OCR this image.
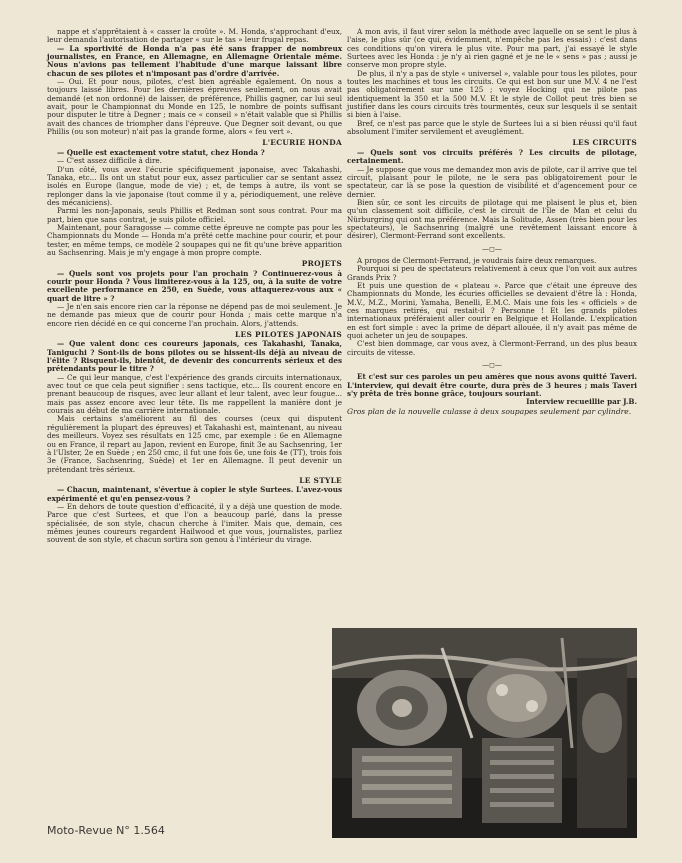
nappe et s'apprêtaient à « casser la croûte ». M. Honda, s'approchant d'eux, leur demanda l'autorisation de partager « sur le tas » leur frugal repas.

— La sportivité de Honda n'a pas été sans frapper de nombreux journalistes, en France, en Allemagne, en Allemagne Orientale même. Nous n'avions pas tellement l'habitude d'une marque laissant libre chacun de ses pilotes et n'imposant pas d'ordre d'arrivée.

— Oui. Et pour nous, pilotes, c'est bien agréable également. On nous a toujours laissé libres. Pour les dernières épreuves seulement, on nous avait demandé (et non ordonné) de laisser, de préférence, Phillis gagner, car lui seul avait, pour le Championnat du Monde en 125, le nombre de points suffisant pour disputer le titre à Degner ; mais ce « conseil » n'était valable que si Phillis avait des chances de triompher dans l'épreuve. Que Degner soit devant, ou que Phillis (ou son moteur) n'ait pas la grande forme, alors « feu vert ».

L'ECURIE HONDA

— Quelle est exactement votre statut, chez Honda ?

— C'est assez difficile à dire.

D'un côté, vous avez l'écurie spécifiquement japonaise, avec Takahashi, Tanaka, etc... Ils ont un statut pour eux, assez particulier car se sentant assez isolés en Europe (langue, mode de vie) ; et, de temps à autre, ils vont se replonger dans la vie japonaise (tout comme il y a, périodiquement, une relève des mécaniciens).

Parmi les non-Japonais, seuls Phillis et Redman sont sous contrat. Pour ma part, bien que sans contrat, je suis pilote officiel.

Maintenant, pour Saragosse — comme cette épreuve ne compte pas pour les Championnats du Monde — Honda m'a prêté cette machine pour courir, et pour tester, en même temps, ce modèle 2 soupapes qui ne fit qu'une brève apparition au Sachsenring. Mais je m'y engage à mon propre compte.

PROJETS

— Quels sont vos projets pour l'an prochain ? Continuerez-vous à courir pour Honda ? Vous limiterez-vous à la 125, ou, à la suite de votre excellente performance en 250, en Suède, vous attaquerez-vous aux « quart de litre » ?

— Je n'en sais encore rien car la réponse ne dépend pas de moi seulement. Je ne demande pas mieux que de courir pour Honda ; mais cette marque n'a encore rien décidé en ce qui concerne l'an prochain. Alors, j'attends.

LES PILOTES JAPONAIS

— Que valent donc ces coureurs japonais, ces Takahashi, Tanaka, Taniguchi ? Sont-ils de bons pilotes ou se hissent-ils déjà au niveau de l'élite ? Risquent-ils, bientôt, de devenir des concurrents sérieux et des prétendants pour le titre ?

— Ce qui leur manque, c'est l'expérience des grands circuits internationaux, avec tout ce que cela peut signifier : sens tactique, etc... Ils courent encore en prenant beaucoup de risques, avec leur allant et leur talent, avec leur fougue... mais pas assez encore avec leur tête. Ils me rappellent la manière dont je courais au début de ma carrière internationale.

Mais certains s'améliorent au fil des courses (ceux qui disputent régulièrement la plupart des épreuves) et Takahashi est, maintenant, au niveau des meilleurs. Voyez ses résultats en 125 cmc, par exemple : 6e en Allemagne ou en France, il repart au Japon, revient en Europe, finit 3e au Sachsenring, 1er à l'Ulster, 2e en Suède ; en 250 cmc, il fut une fois 6e, une fois 4e (TT), trois fois 3e (France, Sachsenring, Suède) et 1er en Allemagne. Il peut devenir un prétendant très sérieux.

LE STYLE

— Chacun, maintenant, s'évertue à copier le style Surtees. L'avez-vous expérimenté et qu'en pensez-vous ?

— En dehors de toute question d'efficacité, il y a déjà une question de mode. Parce que c'est Surtees, et que l'on a beaucoup parlé, dans la presse spécialisée, de son style, chacun cherche à l'imiter. Mais que, demain, ces mêmes jeunes coureurs regardent Hailwood et que vous, journalistes, parliez souvent de son style, et chacun sortira son genou à l'intérieur du virage.

A mon avis, il faut virer selon la méthode avec laquelle on se sent le plus à l'aise, le plus sûr (ce qui, évidemment, n'empêche pas les essais) : c'est dans ces conditions qu'on virera le plus vite. Pour ma part, j'ai essayé le style Surtees avec les Honda : je n'y ai rien gagné et je ne le « sens » pas ; aussi je conserve mon propre style.

De plus, il n'y a pas de style « universel », valable pour tous les pilotes, pour toutes les machines et tous les circuits. Ce qui est bon sur une M.V. 4 ne l'est pas obligatoirement sur une 125 ; voyez Hocking qui ne pilote pas identiquement la 350 et la 500 M.V. Et le style de Collot peut très bien se justifier dans les cours circuits très tourmentés, ceux sur lesquels il se sentait si bien à l'aise.

Bref, ce n'est pas parce que le style de Surtees lui a si bien réussi qu'il faut absolument l'imiter servilement et aveuglément.

LES CIRCUITS

— Quels sont vos circuits préférés ? Les circuits de pilotage, certainement.

— Je suppose que vous me demandez mon avis de pilote, car il arrive que tel circuit, plaisant pour le pilote, ne le sera pas obligatoirement pour le spectateur, car là se pose la question de visibilité et d'agencement pour ce dernier.

Bien sûr, ce sont les circuits de pilotage qui me plaisent le plus et, bien qu'un classement soit difficile, c'est le circuit de l'île de Man et celui du Nürburgring qui ont ma préférence. Mais la Solitude, Assen (très bien pour les spectateurs), le Sachsenring (malgré une revêtement laissant encore à désirer), Clermont-Ferrand sont excellents.

—◻—

A propos de Clermont-Ferrand, je voudrais faire deux remarques.

Pourquoi si peu de spectateurs relativement à ceux que l'on voit aux autres Grands Prix ?

Et puis une question de « plateau ». Parce que c'était une épreuve des Championnats du Monde, les écuries officielles se devaient d'être là : Honda, M.V., M.Z., Morini, Yamaha, Benelli, E.M.C. Mais une fois les « officiels » de ces marques retirés, qui restait-il ? Personne ! Et les grands pilotes internationaux préféraient aller courir en Belgique et Hollande. L'explication en est fort simple : avec la prime de départ allouée, il n'y avait pas même de quoi acheter un jeu de soupapes.

C'est bien dommage, car vous avez, à Clermont-Ferrand, un des plus beaux circuits de vitesse.

—◻—

Et c'est sur ces paroles un peu amères que nous avons quitté Taveri. L'interview, qui devait être courte, dura près de 3 heures ; mais Taveri s'y prêta de très bonne grâce, toujours souriant.

Interview recueillie par J.B.

Gros plan de la nouvelle culasse à deux soupapes seulement par cylindre.

Moto-Revue N° 1.564
